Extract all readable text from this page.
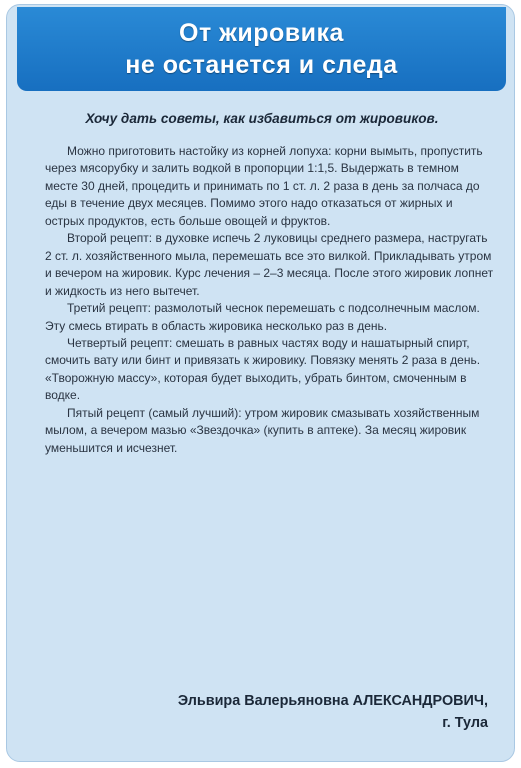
От жировика
не останется и следа
Хочу дать советы, как избавиться от жировиков.

Можно приготовить настойку из корней лопуха: корни вымыть, пропустить через мясорубку и залить водкой в пропорции 1:1,5. Выдержать в темном месте 30 дней, процедить и принимать по 1 ст. л. 2 раза в день за полчаса до еды в течение двух месяцев. Помимо этого надо отказаться от жирных и острых продуктов, есть больше овощей и фруктов.

Второй рецепт: в духовке испечь 2 луковицы среднего размера, настругать 2 ст. л. хозяйственного мыла, перемешать все это вилкой. Прикладывать утром и вечером на жировик. Курс лечения – 2–3 месяца. После этого жировик лопнет и жидкость из него вытечет.

Третий рецепт: размолотый чеснок перемешать с подсолнечным маслом. Эту смесь втирать в область жировика несколько раз в день.

Четвертый рецепт: смешать в равных частях воду и нашатырный спирт, смочить вату или бинт и привязать к жировику. Повязку менять 2 раза в день. «Творожную массу», которая будет выходить, убрать бинтом, смоченным в водке.

Пятый рецепт (самый лучший): утром жировик смазывать хозяйственным мылом, а вечером мазью «Звездочка» (купить в аптеке). За месяц жировик уменьшится и исчезнет.

Эльвира Валерьяновна АЛЕКСАНДРОВИЧ,
г. Тула
